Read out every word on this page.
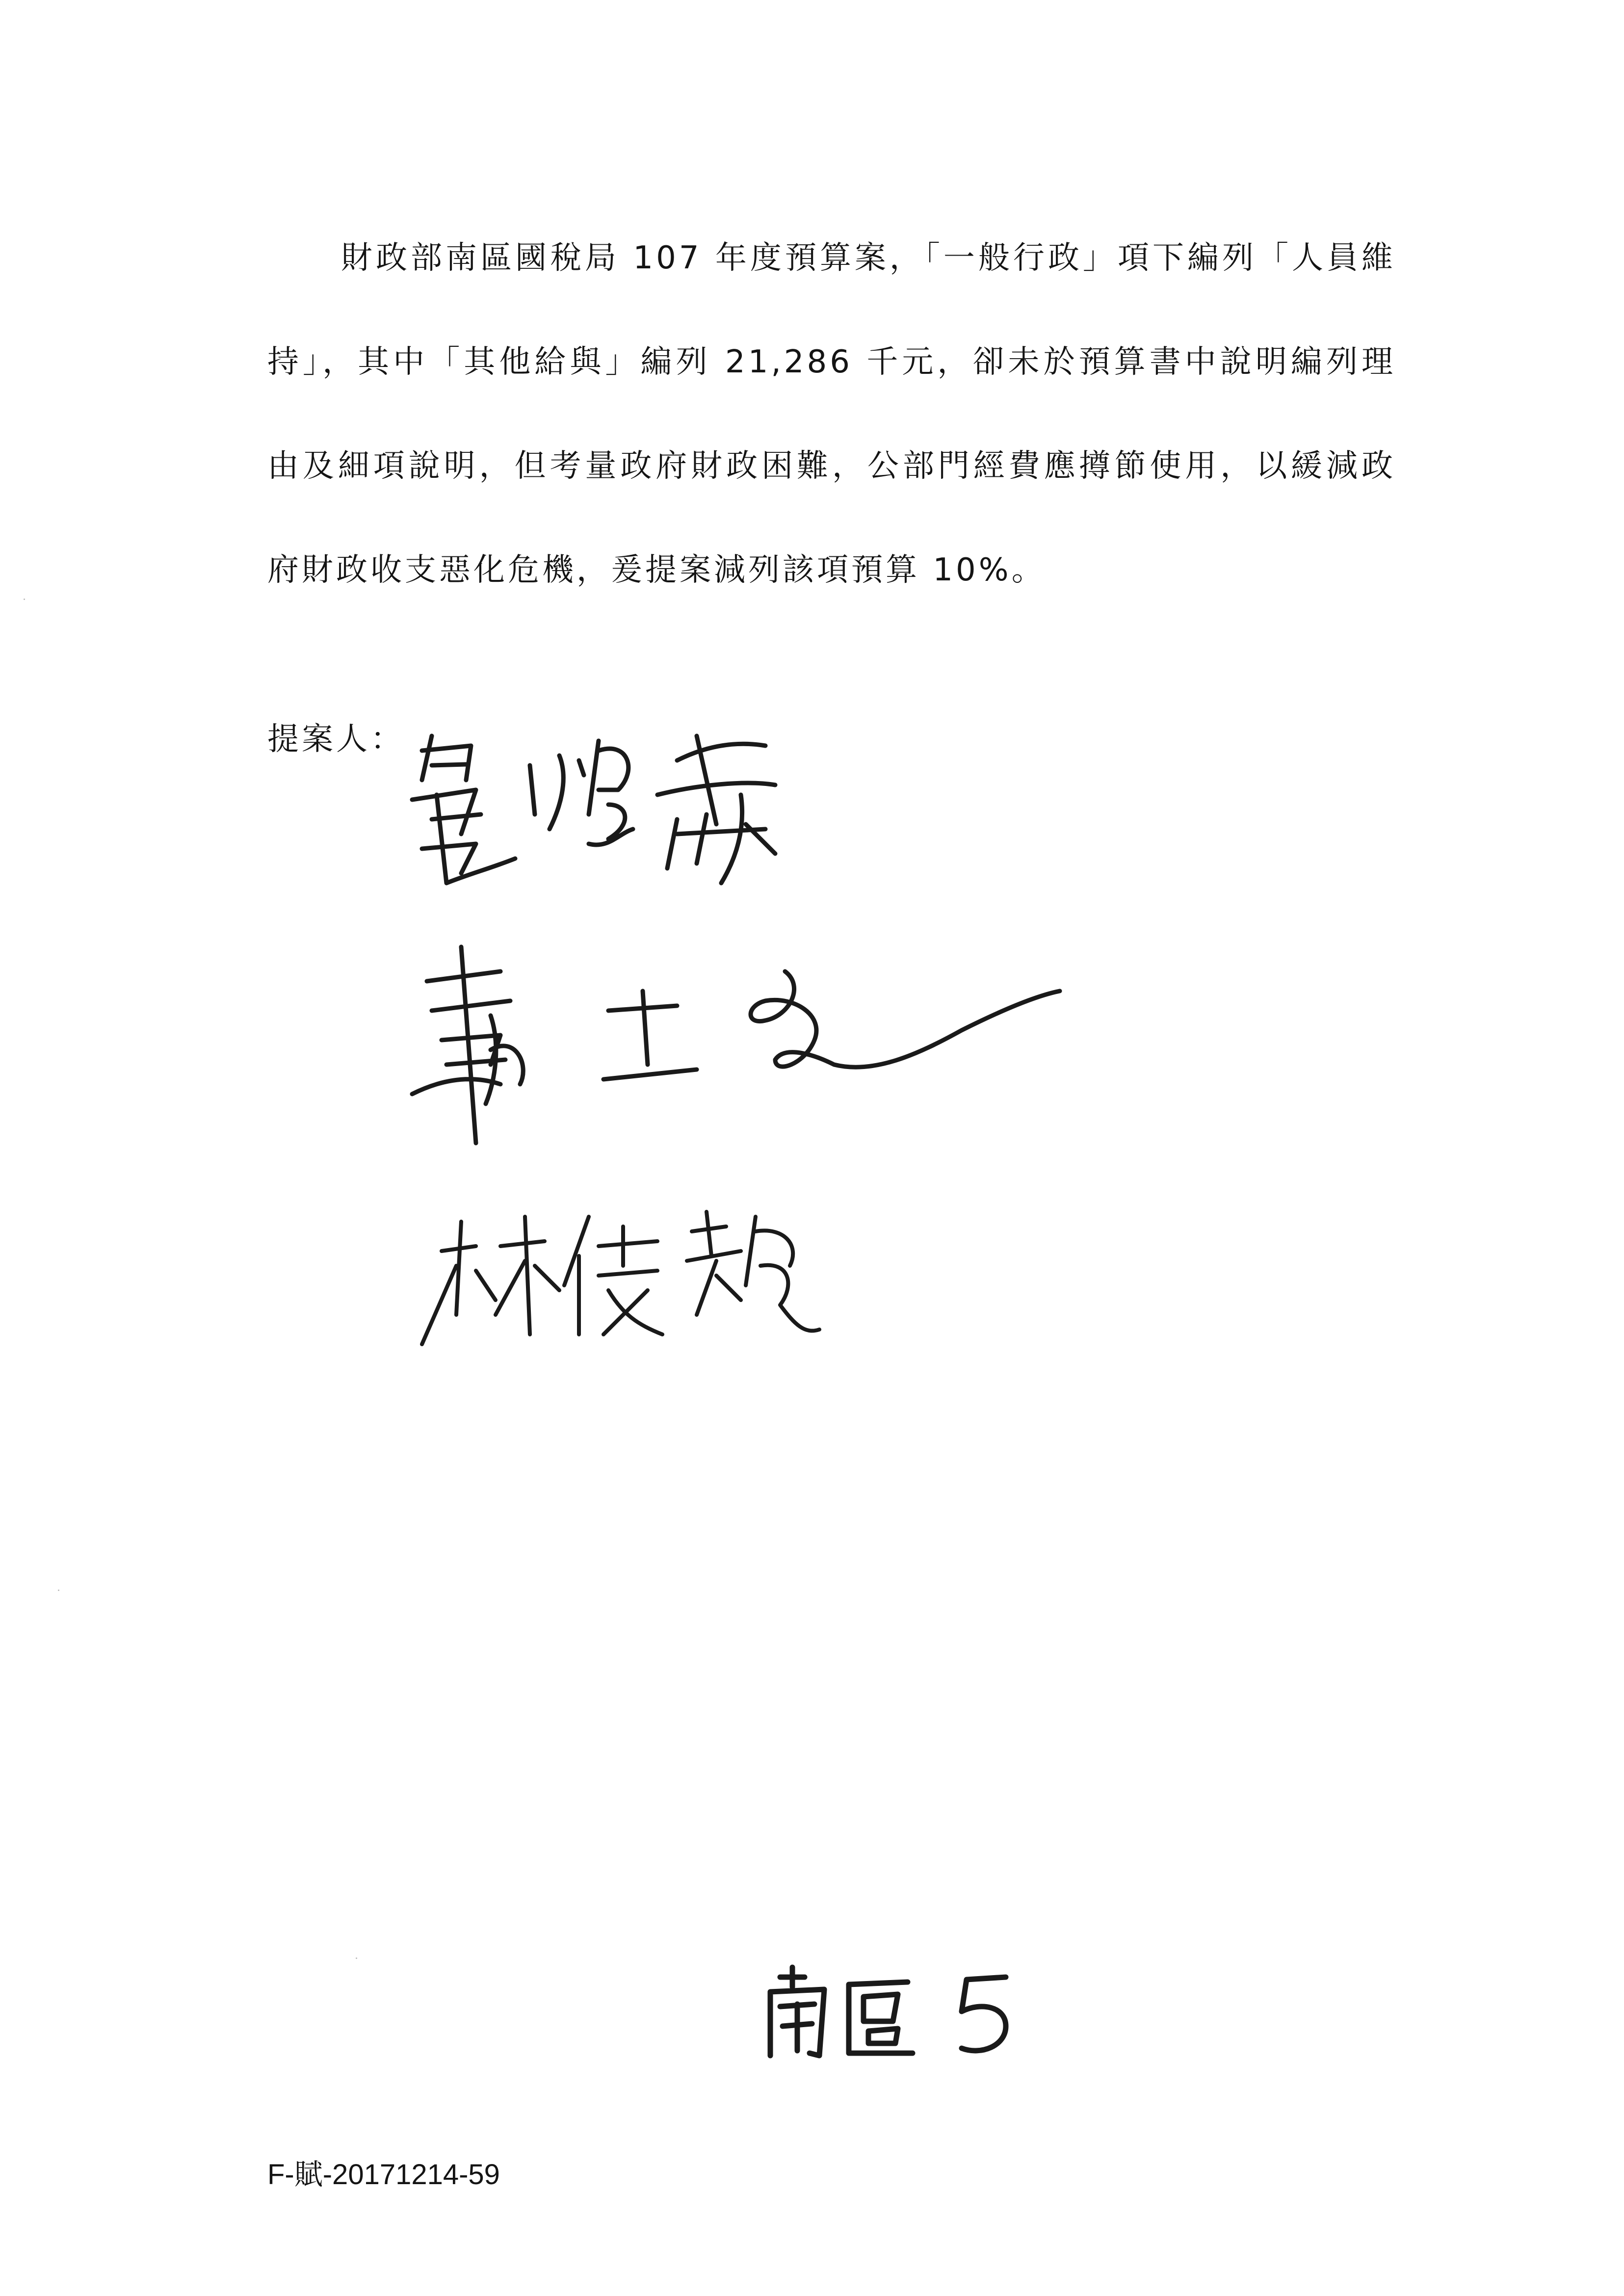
財政部南區國稅局 107 年度預算案，「一般行政」項下編列「人員維持」，其中「其他給與」編列 21,286 千元，卻未於預算書中說明編列理由及細項說明，但考量政府財政困難，公部門經費應撙節使用，以緩減政府財政收支惡化危機，爰提案減列該項預算 10%。

提案人：
F-賦-20171214-59
